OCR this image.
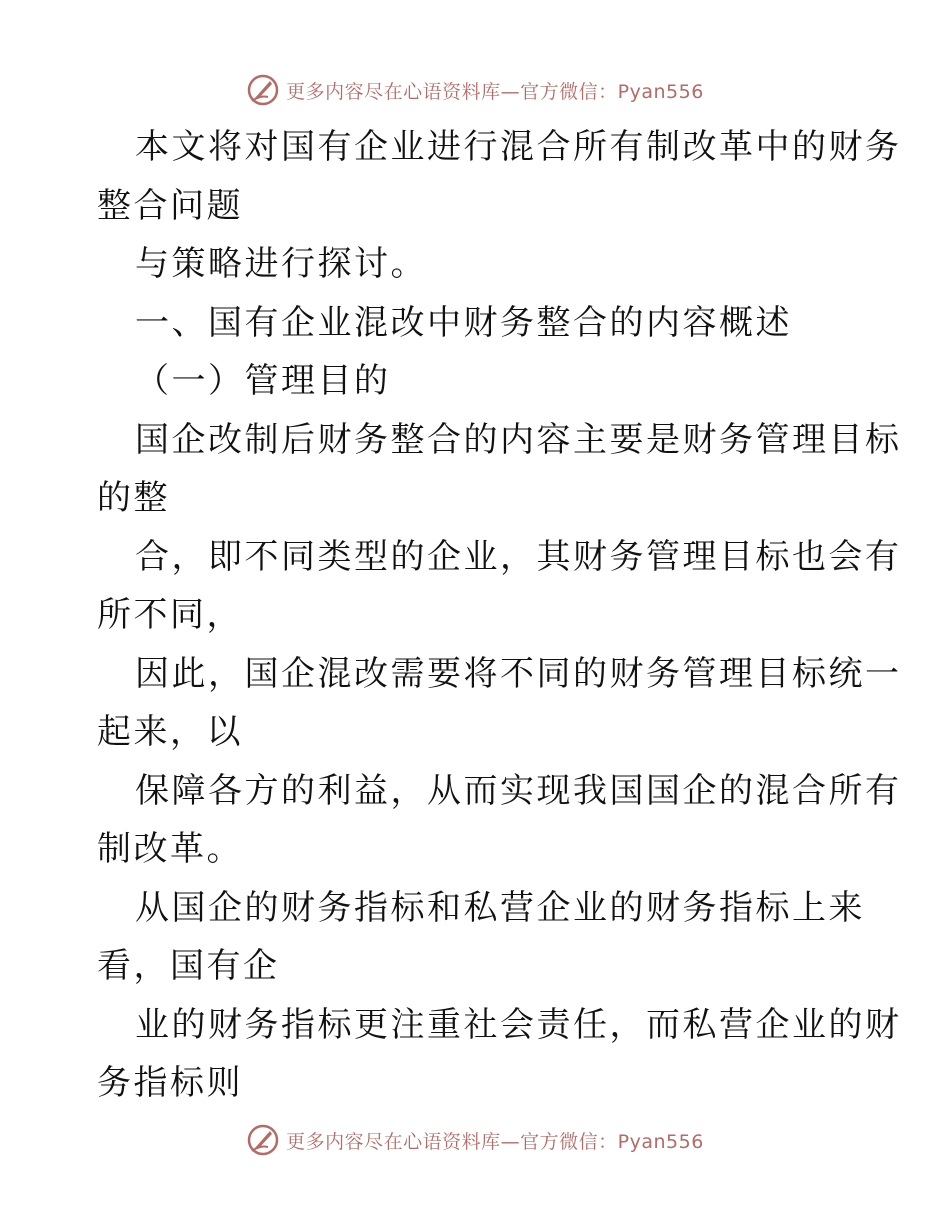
更多内容尽在心语资料库—官方微信：Pyan556
本文将对国有企业进行混合所有制改革中的财务
整合问题
与策略进行探讨。
一、国有企业混改中财务整合的内容概述
（一）管理目的
国企改制后财务整合的内容主要是财务管理目标
的整
合，即不同类型的企业，其财务管理目标也会有
所不同，
因此，国企混改需要将不同的财务管理目标统一
起来，以
保障各方的利益，从而实现我国国企的混合所有
制改革。
从国企的财务指标和私营企业的财务指标上来
看，国有企
业的财务指标更注重社会责任，而私营企业的财
务指标则
更多内容尽在心语资料库—官方微信：Pyan556
